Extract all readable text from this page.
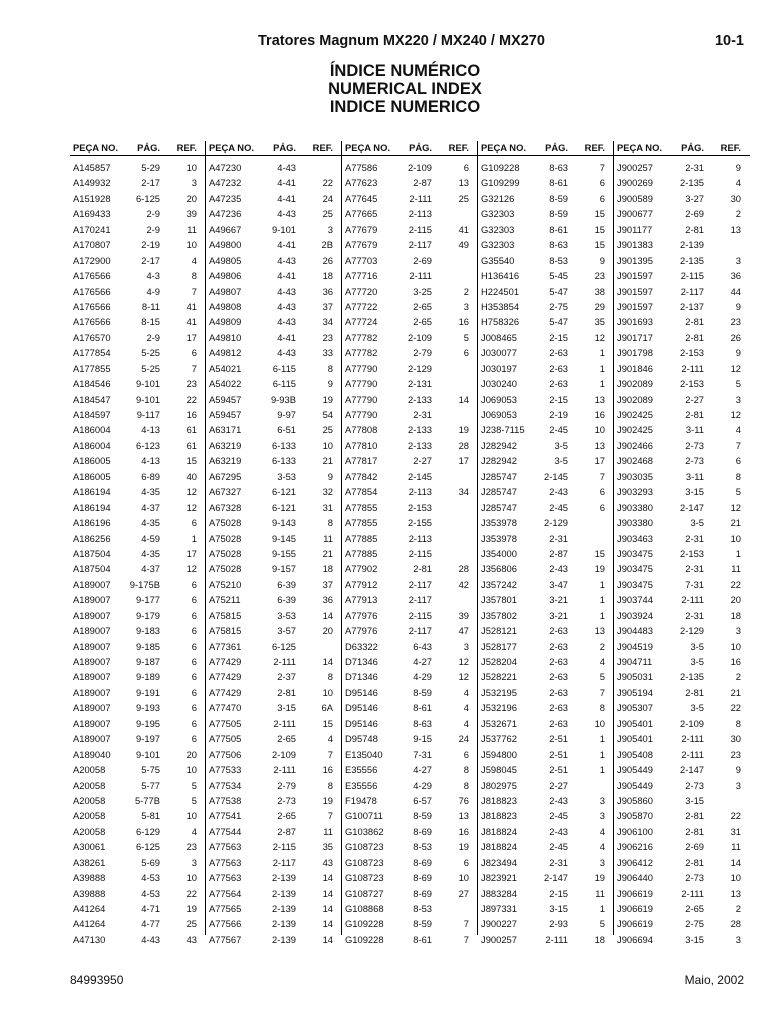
Tratores Magnum MX220 / MX240 / MX270	10-1
ÍNDICE NUMÉRICO
NUMERICAL INDEX
INDICE NUMERICO
PEÇA NO.	PÁG.	REF.
A145857	5-29	10
A149932	2-17	3
A151928	6-125	20
A169433	2-9	39
A170241	2-9	11
A170807	2-19	10
A172900	2-17	4
A176566	4-3	8
A176566	4-9	7
A176566	8-11	41
A176566	8-15	41
A176570	2-9	17
A177854	5-25	6
A177855	5-25	7
A184546	9-101	23
A184547	9-101	22
A184597	9-117	16
A186004	4-13	61
A186004	6-123	61
A186005	4-13	15
A186005	6-89	40
A186194	4-35	12
A186194	4-37	12
A186196	4-35	6
A186256	4-59	1
A187504	4-35	17
A187504	4-37	12
A189007	9-175B	6
A189007	9-177	6
A189007	9-179	6
A189007	9-183	6
A189007	9-185	6
A189007	9-187	6
A189007	9-189	6
A189007	9-191	6
A189007	9-193	6
A189007	9-195	6
A189007	9-197	6
A189040	9-101	20
A20058	5-75	10
A20058	5-77	5
A20058	5-77B	5
A20058	5-81	10
A20058	6-129	4
A30061	6-125	23
A38261	5-69	3
A39888	4-53	10
A39888	4-53	22
A41264	4-71	19
A41264	4-77	25
A47130	4-43	43
PEÇA NO.	PÁG.	REF.
A47230	4-43
A47232	4-41	22
A47235	4-41	24
A47236	4-43	25
A49667	9-101	3
A49800	4-41	2B
A49805	4-43	26
A49806	4-41	18
A49807	4-43	36
A49808	4-43	37
A49809	4-43	34
A49810	4-41	23
A49812	4-43	33
A54021	6-115	8
A54022	6-115	9
A59457	9-93B	19
A59457	9-97	54
A63171	6-51	25
A63219	6-133	10
A63219	6-133	21
A67295	3-53	9
A67327	6-121	32
A67328	6-121	31
A75028	9-143	8
A75028	9-145	11
A75028	9-155	21
A75028	9-157	18
A75210	6-39	37
A75211	6-39	36
A75815	3-53	14
A75815	3-57	20
A77361	6-125
A77429	2-111	14
A77429	2-37	8
A77429	2-81	10
A77470	3-15	6A
A77505	2-111	15
A77505	2-65	4
A77506	2-109	7
A77533	2-111	16
A77534	2-79	8
A77538	2-73	19
A77541	2-65	7
A77544	2-87	11
A77563	2-115	35
A77563	2-117	43
A77563	2-139	14
A77564	2-139	14
A77565	2-139	14
A77566	2-139	14
A77567	2-139	14
PEÇA NO.	PÁG.	REF.
A77586	2-109	6
A77623	2-87	13
A77645	2-111	25
A77665	2-113
A77679	2-115	41
A77679	2-117	49
A77703	2-69
A77716	2-111
A77720	3-25	2
A77722	2-65	3
A77724	2-65	16
A77782	2-109	5
A77782	2-79	6
A77790	2-129
A77790	2-131
A77790	2-133	14
A77790	2-31
A77808	2-133	19
A77810	2-133	28
A77817	2-27	17
A77842	2-145
A77854	2-113	34
A77855	2-153
A77855	2-155
A77885	2-113
A77885	2-115
A77902	2-81	28
A77912	2-117	42
A77913	2-117
A77976	2-115	39
A77976	2-117	47
D63322	6-43	3
D71346	4-27	12
D71346	4-29	12
D95146	8-59	4
D95146	8-61	4
D95146	8-63	4
D95748	9-15	24
E135040	7-31	6
E35556	4-27	8
E35556	4-29	8
F19478	6-57	76
G100711	8-59	13
G103862	8-69	16
G108723	8-53	19
G108723	8-69	6
G108723	8-69	10
G108727	8-69	27
G108868	8-53
G109228	8-59	7
G109228	8-61	7
PEÇA NO.	PÁG.	REF.
G109228	8-63	7
G109299	8-61	6
G32126	8-59	6
G32303	8-59	15
G32303	8-61	15
G32303	8-63	15
G35540	8-53	9
H136416	5-45	23
H224501	5-47	38
H353854	2-75	29
H758326	5-47	35
J008465	2-15	12
J030077	2-63	1
J030197	2-63	1
J030240	2-63	1
J069053	2-15	13
J069053	2-19	16
J238-7115	2-45	10
J282942	3-5	13
J282942	3-5	17
J285747	2-145	7
J285747	2-43	6
J285747	2-45	6
J353978	2-129
J353978	2-31
J354000	2-87	15
J356806	2-43	19
J357242	3-47	1
J357801	3-21	1
J357802	3-21	1
J528121	2-63	13
J528177	2-63	2
J528204	2-63	4
J528221	2-63	5
J532195	2-63	7
J532196	2-63	8
J532671	2-63	10
J537762	2-51	1
J594800	2-51	1
J598045	2-51	1
J802975	2-27
J818823	2-43	3
J818823	2-45	3
J818824	2-43	4
J818824	2-45	4
J823494	2-31	3
J823921	2-147	19
J883284	2-15	11
J897331	3-15	1
J900227	2-93	5
J900257	2-111	18
PEÇA NO.	PÁG.	REF.
J900257	2-31	9
J900269	2-135	4
J900589	3-27	30
J900677	2-69	2
J901177	2-81	13
J901383	2-139
J901395	2-135	3
J901597	2-115	36
J901597	2-117	44
J901597	2-137	9
J901693	2-81	23
J901717	2-81	26
J901798	2-153	9
J901846	2-111	12
J902089	2-153	5
J902089	2-27	3
J902425	2-81	12
J902425	3-11	4
J902466	2-73	7
J902468	2-73	6
J903035	3-11	8
J903293	3-15	5
J903380	2-147	12
J903380	3-5	21
J903463	2-31	10
J903475	2-153	1
J903475	2-31	11
J903475	7-31	22
J903744	2-111	20
J903924	2-31	18
J904483	2-129	3
J904519	3-5	10
J904711	3-5	16
J905031	2-135	2
J905194	2-81	21
J905307	3-5	22
J905401	2-109	8
J905401	2-111	30
J905408	2-111	23
J905449	2-147	9
J905449	2-73	3
J905860	3-15
J905870	2-81	22
J906100	2-81	31
J906216	2-69	11
J906412	2-81	14
J906440	2-73	10
J906619	2-111	13
J906619	2-65	2
J906619	2-75	28
J906694	3-15	3
84993950	Maio, 2002
